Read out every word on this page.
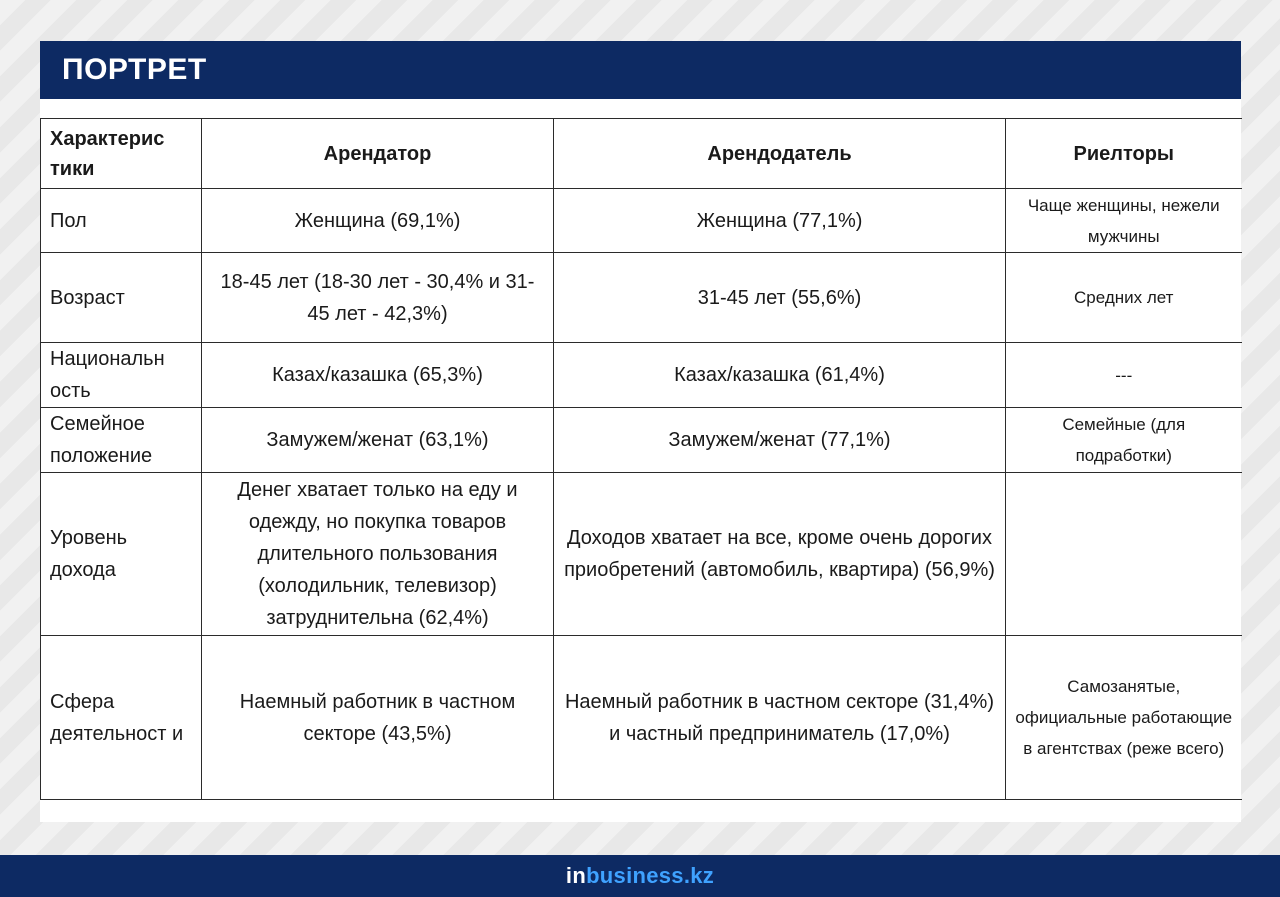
ПОРТРЕТ
Характерис тики	Арендатор	Арендодатель	Риелторы
Пол	Женщина (69,1%)	Женщина (77,1%)	Чаще женщины, нежели мужчины
Возраст	18-45 лет (18-30 лет - 30,4% и 31-45 лет - 42,3%)	31-45 лет (55,6%)	Средних лет
Национальн ость	Казах/казашка (65,3%)	Казах/казашка (61,4%)	---
Семейное положение	Замужем/женат (63,1%)	Замужем/женат (77,1%)	Семейные (для подработки)
Уровень дохода	Денег хватает только на еду и одежду, но покупка товаров длительного пользования (холодильник, телевизор) затруднительна (62,4%)	Доходов хватает на все, кроме очень дорогих приобретений (автомобиль, квартира) (56,9%)	
Сфера деятельност и	Наемный работник в частном секторе (43,5%)	Наемный работник в частном секторе (31,4%) и частный предприниматель (17,0%)	Самозанятые, официальные работающие в агентствах (реже всего)
inbusiness.kz
